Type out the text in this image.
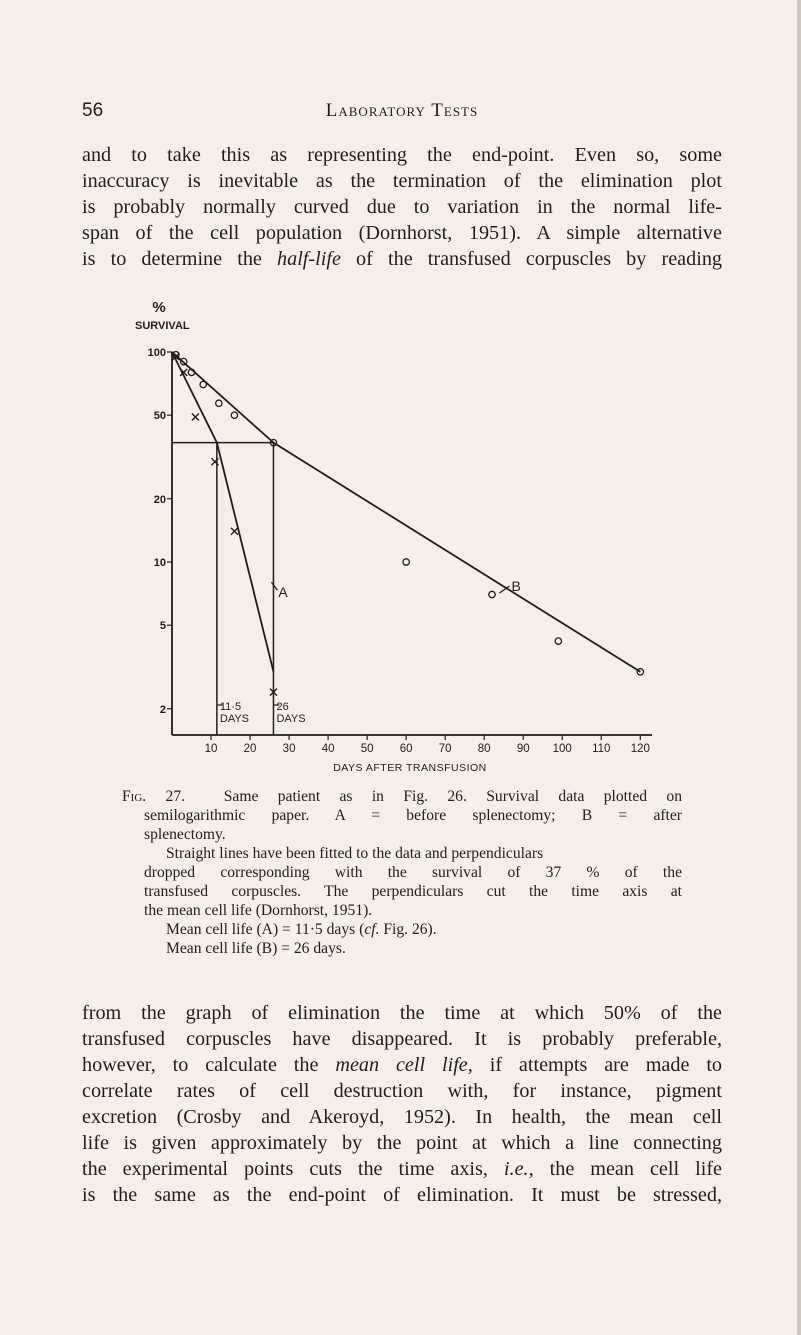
56	Laboratory Tests
and to take this as representing the end-point. Even so, some
inaccuracy is inevitable as the termination of the elimination plot
is probably normally curved due to variation in the normal life-
span of the cell population (Dornhorst, 1951). A simple alternative
is to determine the half-life of the transfused corpuscles by reading
%
SURVIVAL
DAYS AFTER TRANSFUSION
100
50
20
10
5
2
10 20 30 40 50 60 70 80 90 100 110 120
11·5
DAYS
26
DAYS
A	B
Fig. 27. Same patient as in Fig. 26. Survival data plotted on
semilogarithmic paper. A = before splenectomy; B = after
splenectomy.
Straight lines have been fitted to the data and perpendiculars
dropped corresponding with the survival of 37 % of the
transfused corpuscles. The perpendiculars cut the time axis at
the mean cell life (Dornhorst, 1951).
Mean cell life (A) = 11·5 days (cf. Fig. 26).
Mean cell life (B) = 26 days.
from the graph of elimination the time at which 50% of the
transfused corpuscles have disappeared. It is probably preferable,
however, to calculate the mean cell life, if attempts are made to
correlate rates of cell destruction with, for instance, pigment
excretion (Crosby and Akeroyd, 1952). In health, the mean cell
life is given approximately by the point at which a line connecting
the experimental points cuts the time axis, i.e., the mean cell life
is the same as the end-point of elimination. It must be stressed,
